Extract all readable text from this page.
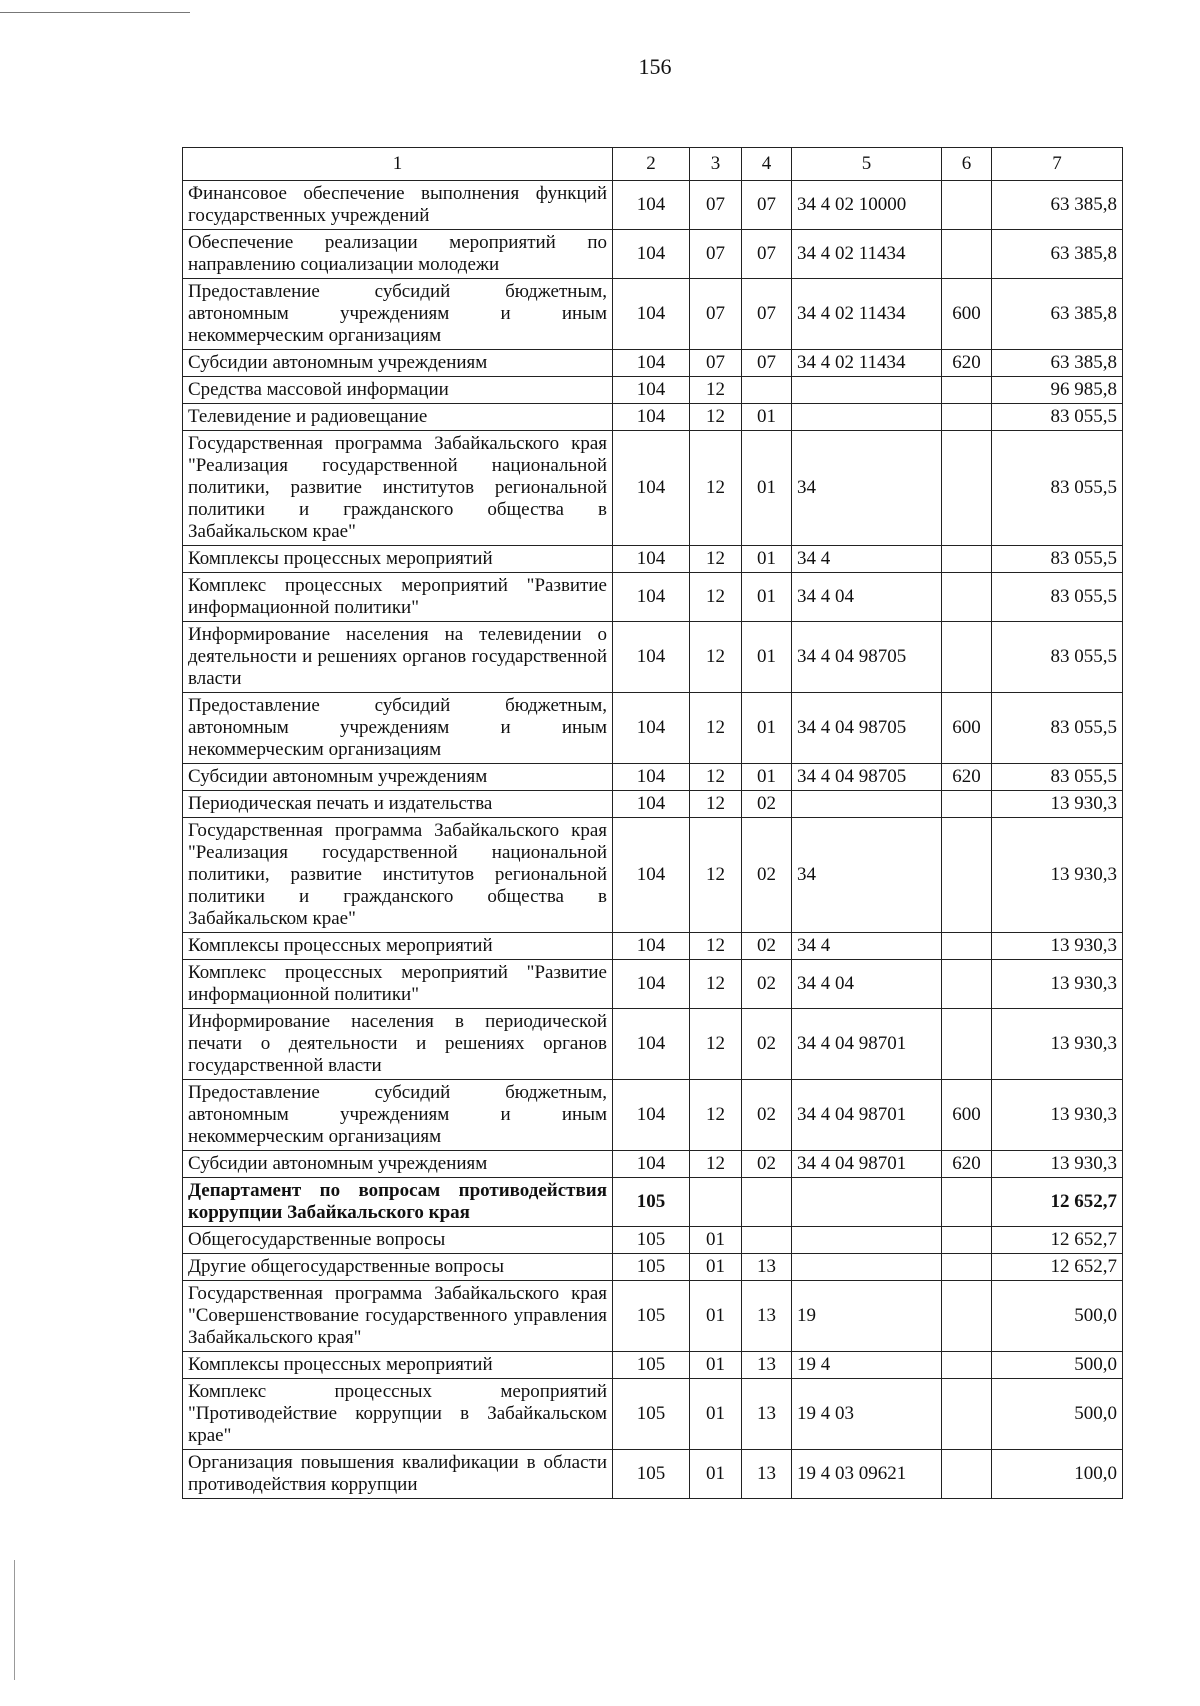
156
1	2	3	4	5	6	7
Финансовое обеспечение выполнения функций государственных учреждений	104	07	07	34 4 02 10000		63 385,8
Обеспечение реализации мероприятий по направлению социализации молодежи	104	07	07	34 4 02 11434		63 385,8
Предоставление субсидий бюджетным, автономным учреждениям и иным некоммерческим организациям	104	07	07	34 4 02 11434	600	63 385,8
Субсидии автономным учреждениям	104	07	07	34 4 02 11434	620	63 385,8
Средства массовой информации	104	12				96 985,8
Телевидение и радиовещание	104	12	01			83 055,5
Государственная программа Забайкальского края "Реализация государственной национальной политики, развитие институтов региональной политики и гражданского общества в Забайкальском крае"	104	12	01	34		83 055,5
Комплексы процессных мероприятий	104	12	01	34 4		83 055,5
Комплекс процессных мероприятий "Развитие информационной политики"	104	12	01	34 4 04		83 055,5
Информирование населения на телевидении о деятельности и решениях органов государственной власти	104	12	01	34 4 04 98705		83 055,5
Предоставление субсидий бюджетным, автономным учреждениям и иным некоммерческим организациям	104	12	01	34 4 04 98705	600	83 055,5
Субсидии автономным учреждениям	104	12	01	34 4 04 98705	620	83 055,5
Периодическая печать и издательства	104	12	02			13 930,3
Государственная программа Забайкальского края "Реализация государственной национальной политики, развитие институтов региональной политики и гражданского общества в Забайкальском крае"	104	12	02	34		13 930,3
Комплексы процессных мероприятий	104	12	02	34 4		13 930,3
Комплекс процессных мероприятий "Развитие информационной политики"	104	12	02	34 4 04		13 930,3
Информирование населения в периодической печати о деятельности и решениях органов государственной власти	104	12	02	34 4 04 98701		13 930,3
Предоставление субсидий бюджетным, автономным учреждениям и иным некоммерческим организациям	104	12	02	34 4 04 98701	600	13 930,3
Субсидии автономным учреждениям	104	12	02	34 4 04 98701	620	13 930,3
Департамент по вопросам противодействия коррупции Забайкальского края	105					12 652,7
Общегосударственные вопросы	105	01				12 652,7
Другие общегосударственные вопросы	105	01	13			12 652,7
Государственная программа Забайкальского края "Совершенствование государственного управления Забайкальского края"	105	01	13	19		500,0
Комплексы процессных мероприятий	105	01	13	19 4		500,0
Комплекс процессных мероприятий "Противодействие коррупции в Забайкальском крае"	105	01	13	19 4 03		500,0
Организация повышения квалификации в области противодействия коррупции	105	01	13	19 4 03 09621		100,0
